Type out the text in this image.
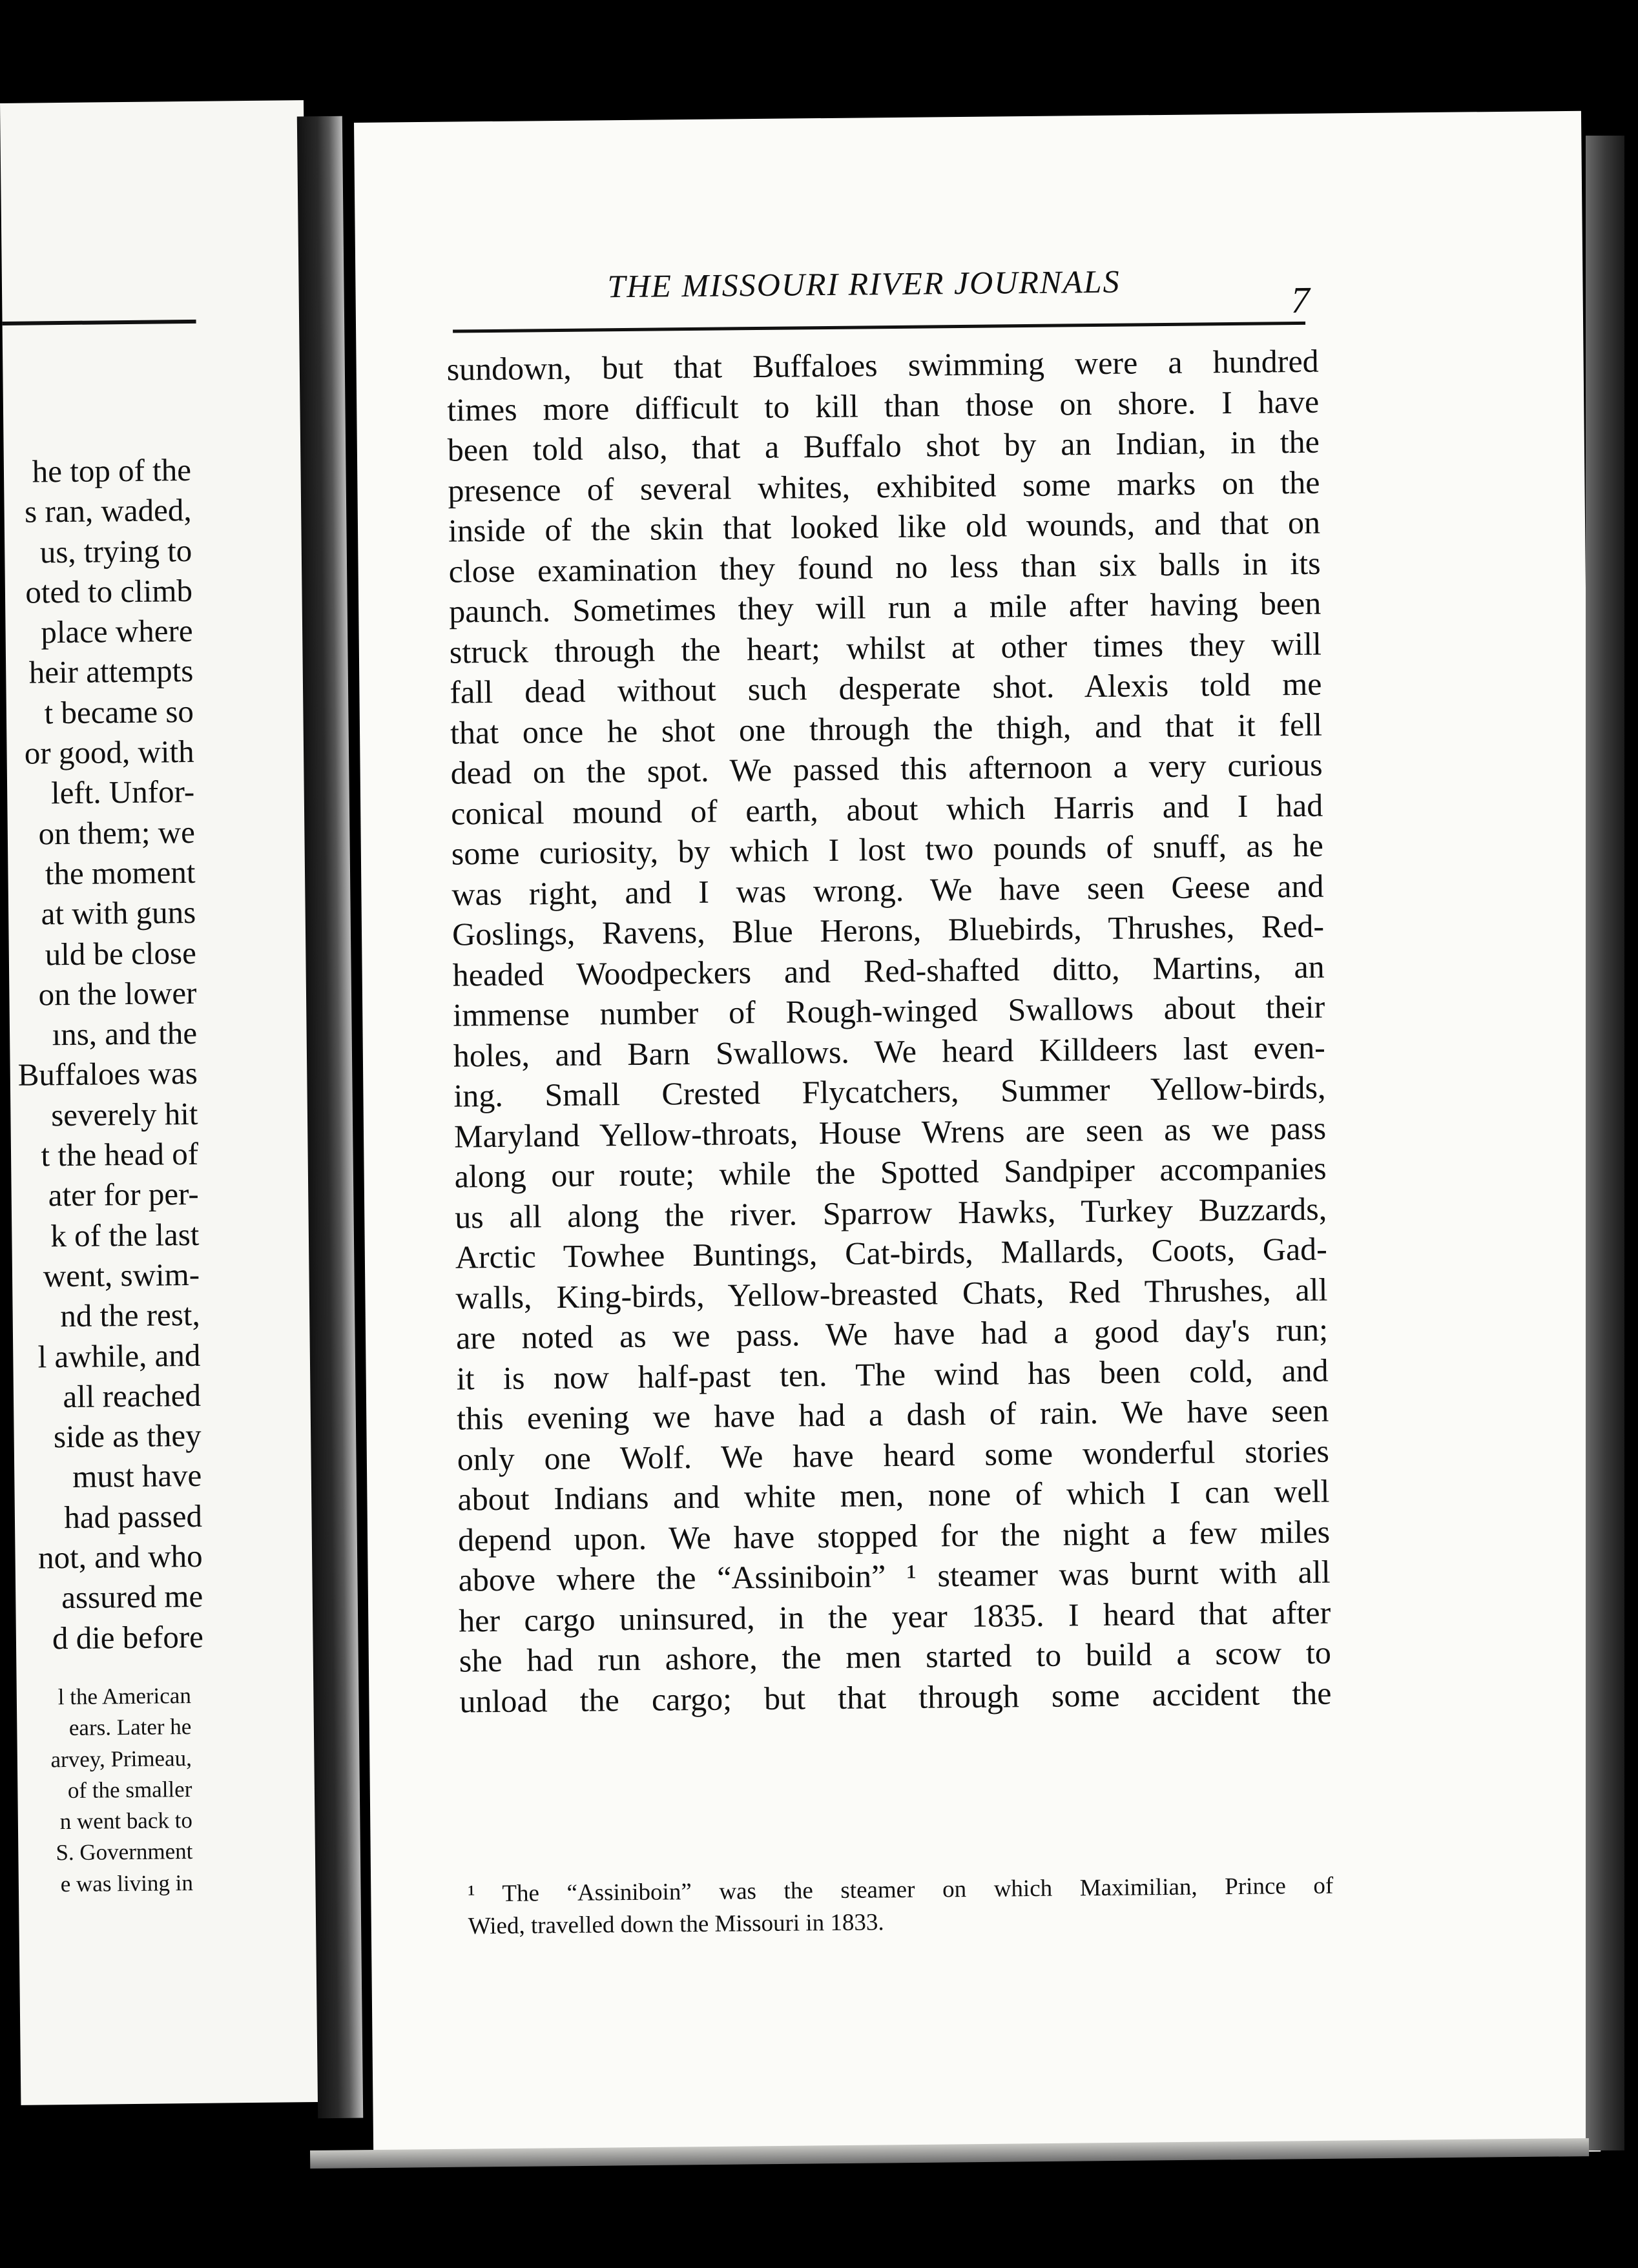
he top of the
s ran, waded,
us, trying to
oted to climb
place where
heir attempts
t became so
or good, with
left. Unfor-
on them; we
the moment
at with guns
uld be close
on the lower
ıns, and the
Buffaloes was
severely hit
t the head of
ater for per-
k of the last
went, swim-
nd the rest,
l awhile, and
all reached
side as they
must have
had passed
not, and who
assured me
d die before
l the American
ears. Later he
arvey, Primeau,
of the smaller
n went back to
S. Government
e was living in
THE MISSOURI RIVER JOURNALS	7
sundown, but that Buffaloes swimming were a hundred
times more difficult to kill than those on shore. I have
been told also, that a Buffalo shot by an Indian, in the
presence of several whites, exhibited some marks on the
inside of the skin that looked like old wounds, and that on
close examination they found no less than six balls in its
paunch. Sometimes they will run a mile after having been
struck through the heart; whilst at other times they will
fall dead without such desperate shot. Alexis told me
that once he shot one through the thigh, and that it fell
dead on the spot. We passed this afternoon a very curious
conical mound of earth, about which Harris and I had
some curiosity, by which I lost two pounds of snuff, as he
was right, and I was wrong. We have seen Geese and
Goslings, Ravens, Blue Herons, Bluebirds, Thrushes, Red-
headed Woodpeckers and Red-shafted ditto, Martins, an
immense number of Rough-winged Swallows about their
holes, and Barn Swallows. We heard Killdeers last even-
ing. Small Crested Flycatchers, Summer Yellow-birds,
Maryland Yellow-throats, House Wrens are seen as we pass
along our route; while the Spotted Sandpiper accompanies
us all along the river. Sparrow Hawks, Turkey Buzzards,
Arctic Towhee Buntings, Cat-birds, Mallards, Coots, Gad-
walls, King-birds, Yellow-breasted Chats, Red Thrushes, all
are noted as we pass. We have had a good day's run;
it is now half-past ten. The wind has been cold, and
this evening we have had a dash of rain. We have seen
only one Wolf. We have heard some wonderful stories
about Indians and white men, none of which I can well
depend upon. We have stopped for the night a few miles
above where the “Assiniboin” ¹ steamer was burnt with all
her cargo uninsured, in the year 1835. I heard that after
she had run ashore, the men started to build a scow to
unload the cargo; but that through some accident the
¹ The “Assiniboin” was the steamer on which Maximilian, Prince of
Wied, travelled down the Missouri in 1833.
